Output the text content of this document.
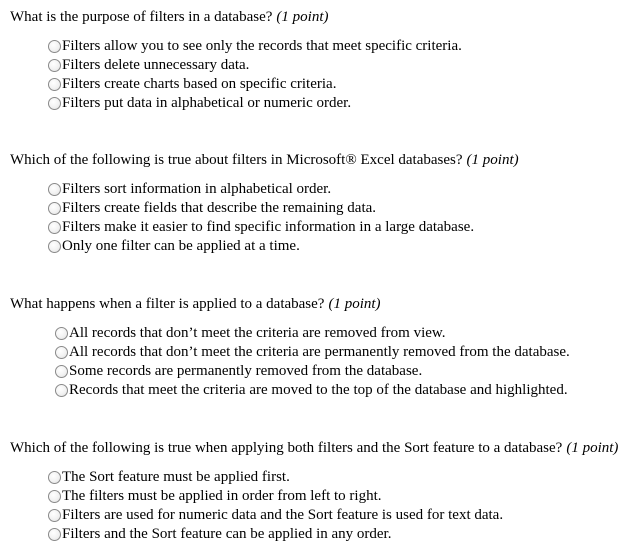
What is the purpose of filters in a database? (1 point)
Filters allow you to see only the records that meet specific criteria.
Filters delete unnecessary data.
Filters create charts based on specific criteria.
Filters put data in alphabetical or numeric order.
Which of the following is true about filters in Microsoft® Excel databases? (1 point)
Filters sort information in alphabetical order.
Filters create fields that describe the remaining data.
Filters make it easier to find specific information in a large database.
Only one filter can be applied at a time.
What happens when a filter is applied to a database? (1 point)
All records that don’t meet the criteria are removed from view.
All records that don’t meet the criteria are permanently removed from the database.
Some records are permanently removed from the database.
Records that meet the criteria are moved to the top of the database and highlighted.
Which of the following is true when applying both filters and the Sort feature to a database? (1 point)
The Sort feature must be applied first.
The filters must be applied in order from left to right.
Filters are used for numeric data and the Sort feature is used for text data.
Filters and the Sort feature can be applied in any order.
